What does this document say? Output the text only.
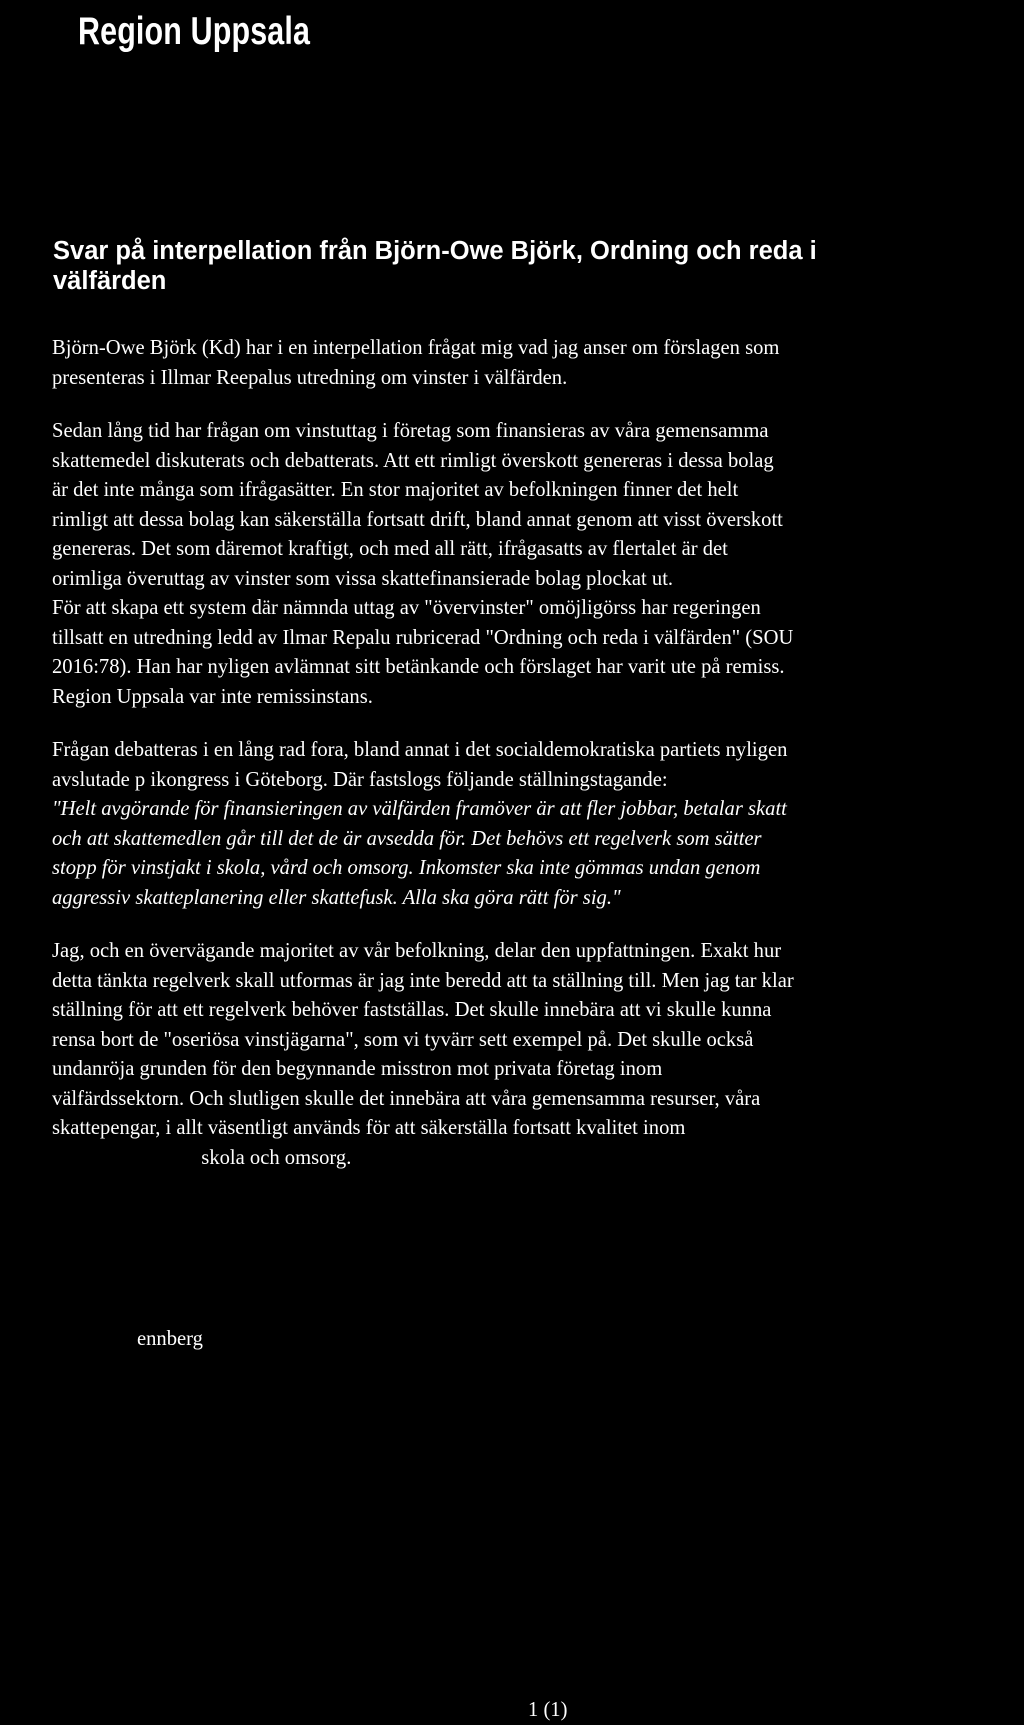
Region Uppsala
Svar på interpellation från Björn-Owe Björk, Ordning och reda i
välfärden
Björn-Owe Björk (Kd) har i en interpellation frågat mig vad jag anser om förslagen som
presenteras i Illmar Reepalus utredning om vinster i välfärden.
Sedan lång tid har frågan om vinstuttag i företag som finansieras av våra gemensamma
skattemedel diskuterats och debatterats. Att ett rimligt överskott genereras i dessa bolag
är det inte många som ifrågasätter. En stor majoritet av befolkningen finner det helt
rimligt att dessa bolag kan säkerställa fortsatt drift, bland annat genom att visst överskott
genereras. Det som däremot kraftigt, och med all rätt, ifrågasatts av flertalet är det
orimliga överuttag av vinster som vissa skattefinansierade bolag plockat ut.
För att skapa ett system där nämnda uttag av "övervinster" omöjligörss har regeringen
tillsatt en utredning ledd av Ilmar Repalu rubricerad "Ordning och reda i välfärden" (SOU
2016:78). Han har nyligen avlämnat sitt betänkande och förslaget har varit ute på remiss.
Region Uppsala var inte remissinstans.
Frågan debatteras i en lång rad fora, bland annat i det socialdemokratiska partiets nyligen
avslutade p ikongress i Göteborg. Där fastslogs följande ställningstagande:
"Helt avgörande för finansieringen av välfärden framöver är att fler jobbar, betalar skatt
och att skattemedlen går till det de är avsedda för. Det behövs ett regelverk som sätter
stopp för vinstjakt i skola, vård och omsorg. Inkomster ska inte gömmas undan genom
aggressiv skatteplanering eller skattefusk. Alla ska göra rätt för sig."
Jag, och en övervägande majoritet av vår befolkning, delar den uppfattningen. Exakt hur
detta tänkta regelverk skall utformas är jag inte beredd att ta ställning till. Men jag tar klar
ställning för att ett regelverk behöver fastställas. Det skulle innebära att vi skulle kunna
rensa bort de "oseriösa vinstjägarna", som vi tyvärr sett exempel på. Det skulle också
undanröja grunden för den begynnande misstron mot privata företag inom
välfärdssektorn. Och slutligen skulle det innebära att våra gemensamma resurser, våra
skattepengar, i allt väsentligt används för att säkerställa fortsatt kvalitet inom
skola och omsorg.
ennberg
1 (1)
